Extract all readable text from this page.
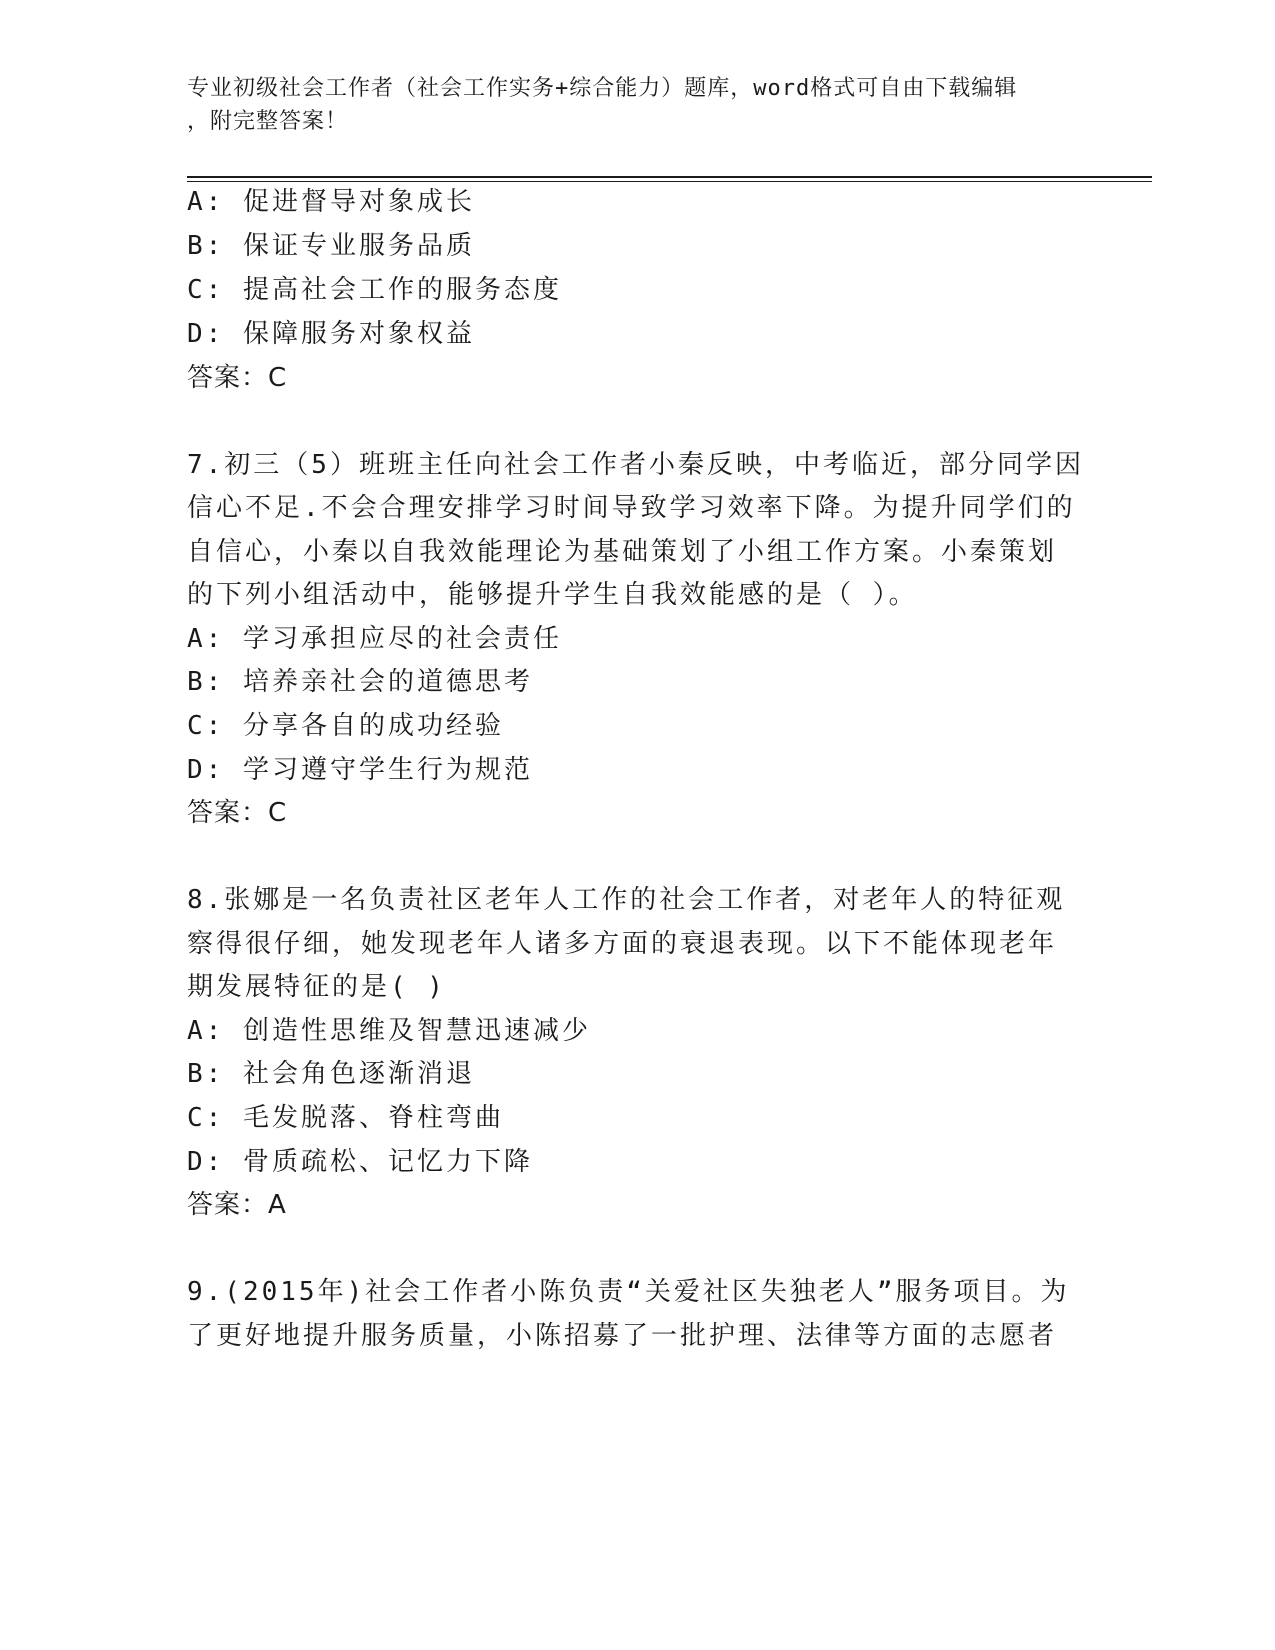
专业初级社会工作者（社会工作实务+综合能力）题库，word格式可自由下载编辑
，附完整答案！
A: 促进督导对象成长
B: 保证专业服务品质
C: 提高社会工作的服务态度
D: 保障服务对象权益
答案：C
7.初三（5）班班主任向社会工作者小秦反映，中考临近，部分同学因
信心不足.不会合理安排学习时间导致学习效率下降。为提升同学们的
自信心，小秦以自我效能理论为基础策划了小组工作方案。小秦策划
的下列小组活动中，能够提升学生自我效能感的是（ ）。
A: 学习承担应尽的社会责任
B: 培养亲社会的道德思考
C: 分享各自的成功经验
D: 学习遵守学生行为规范
答案：C
8.张娜是一名负责社区老年人工作的社会工作者，对老年人的特征观
察得很仔细，她发现老年人诸多方面的衰退表现。以下不能体现老年
期发展特征的是( )
A: 创造性思维及智慧迅速减少
B: 社会角色逐渐消退
C: 毛发脱落、脊柱弯曲
D: 骨质疏松、记忆力下降
答案：A
9.(2015年)社会工作者小陈负责“关爱社区失独老人”服务项目。为
了更好地提升服务质量，小陈招募了一批护理、法律等方面的志愿者
